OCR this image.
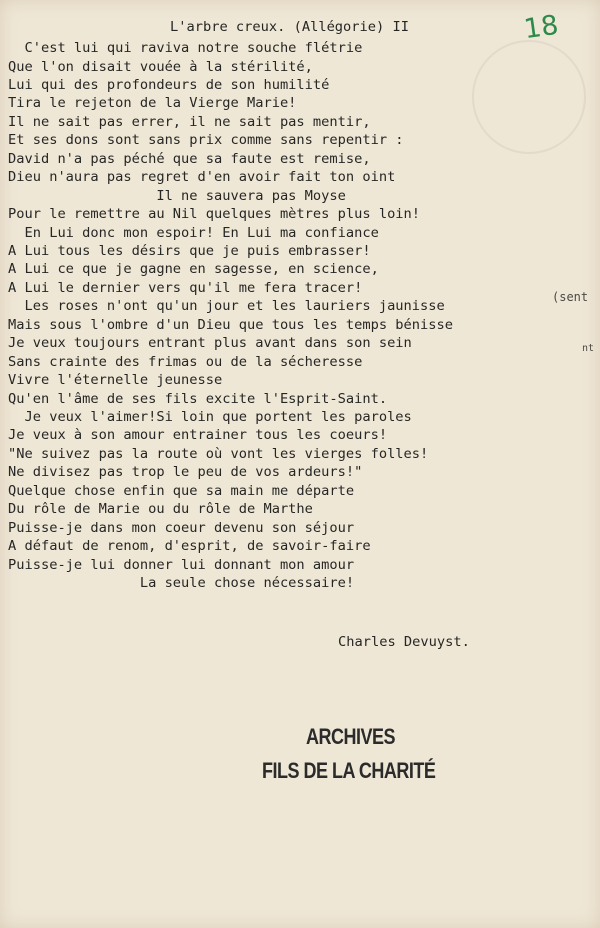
18
L'arbre creux. (Allégorie) II
C'est lui qui raviva notre souche flétrie
Que l'on disait vouée à la stérilité,
Lui qui des profondeurs de son humilité
Tira le rejeton de la Vierge Marie!
Il ne sait pas errer, il ne sait pas mentir,
Et ses dons sont sans prix comme sans repentir :
David n'a pas péché que sa faute est remise,
Dieu n'aura pas regret d'en avoir fait ton oint
Il ne sauvera pas Moyse
Pour le remettre au Nil quelques mètres plus loin!
En Lui donc mon espoir! En Lui ma confiance
A Lui tous les désirs que je puis embrasser!
A Lui ce que je gagne en sagesse, en science,
A Lui le dernier vers qu'il me fera tracer!
Les roses n'ont qu'un jour et les lauriers jaunisse
Mais sous l'ombre d'un Dieu que tous les temps bénisse
Je veux toujours entrant plus avant dans son sein
Sans crainte des frimas ou de la sécheresse
Vivre l'éternelle jeunesse
Qu'en l'âme de ses fils excite l'Esprit-Saint.
Je veux l'aimer!Si loin que portent les paroles
Je veux à son amour entrainer tous les coeurs!
"Ne suivez pas la route où vont les vierges folles!
Ne divisez pas trop le peu de vos ardeurs!"
Quelque chose enfin que sa main me départe
Du rôle de Marie ou du rôle de Marthe
Puisse-je dans mon coeur devenu son séjour
A défaut de renom, d'esprit, de savoir-faire
Puisse-je lui donner lui donnant mon amour
La seule chose nécessaire!
(sent
nt
Charles Devuyst.
ARCHIVES
FILS DE LA CHARITÉ
